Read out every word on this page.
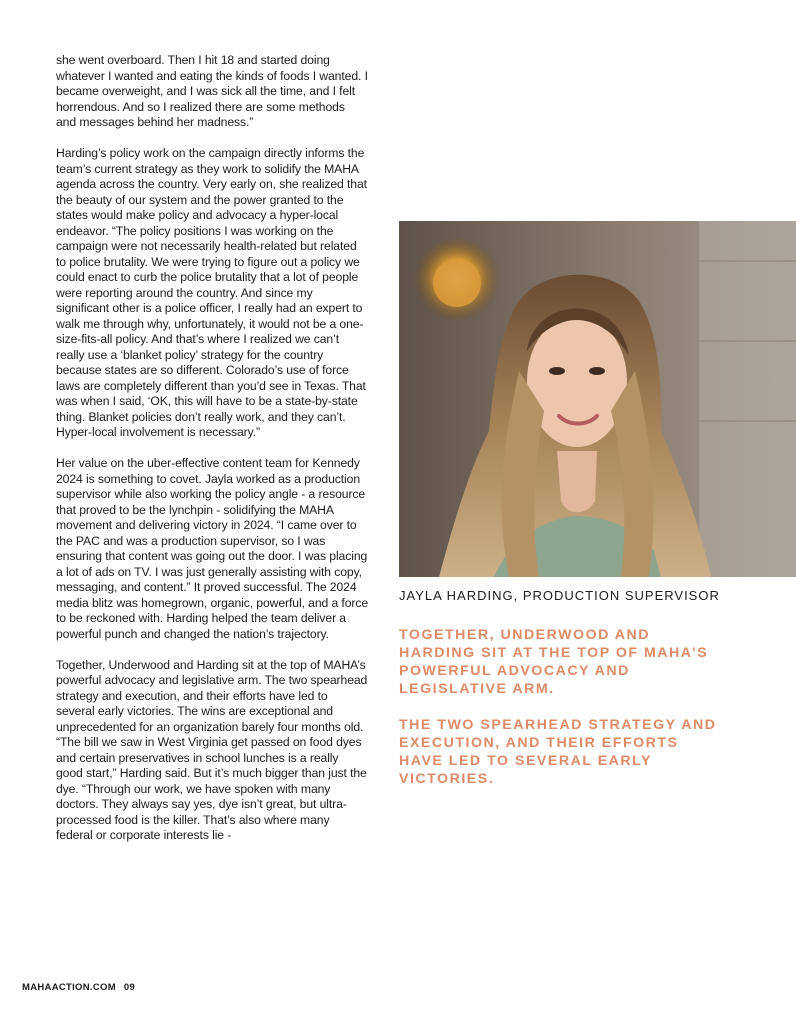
she went overboard. Then I hit 18 and started doing whatever I wanted and eating the kinds of foods I wanted. I became overweight, and I was sick all the time, and I felt horrendous. And so I realized there are some methods and messages behind her madness.”

Harding’s policy work on the campaign directly informs the team’s current strategy as they work to solidify the MAHA agenda across the country. Very early on, she realized that the beauty of our system and the power granted to the states would make policy and advocacy a hyper-local endeavor. “The policy positions I was working on the campaign were not necessarily health-related but related to police brutality. We were trying to figure out a policy we could enact to curb the police brutality that a lot of people were reporting around the country. And since my significant other is a police officer, I really had an expert to walk me through why, unfortunately, it would not be a one-size-fits-all policy. And that’s where I realized we can’t really use a ‘blanket policy’ strategy for the country because states are so different. Colorado’s use of force laws are completely different than you’d see in Texas. That was when I said, ‘OK, this will have to be a state-by-state thing. Blanket policies don’t really work, and they can’t. Hyper-local involvement is necessary.”

Her value on the uber-effective content team for Kennedy 2024 is something to covet. Jayla worked as a production supervisor while also working the policy angle - a resource that proved to be the lynchpin - solidifying the MAHA movement and delivering victory in 2024. “I came over to the PAC and was a production supervisor, so I was ensuring that content was going out the door. I was placing a lot of ads on TV. I was just generally assisting with copy, messaging, and content.” It proved successful. The 2024 media blitz was homegrown, organic, powerful, and a force to be reckoned with. Harding helped the team deliver a powerful punch and changed the nation’s trajectory.

Together, Underwood and Harding sit at the top of MAHA’s powerful advocacy and legislative arm. The two spearhead strategy and execution, and their efforts have led to several early victories. The wins are exceptional and unprecedented for an organization barely four months old. “The bill we saw in West Virginia get passed on food dyes and certain preservatives in school lunches is a really good start,” Harding said. But it’s much bigger than just the dye. “Through our work, we have spoken with many doctors. They always say yes, dye isn’t great, but ultra-processed food is the killer. That’s also where many federal or corporate interests lie -

JAYLA HARDING, PRODUCTION SUPERVISOR

TOGETHER, UNDERWOOD AND HARDING SIT AT THE TOP OF MAHA’S POWERFUL ADVOCACY AND LEGISLATIVE ARM.

THE TWO SPEARHEAD STRATEGY AND EXECUTION, AND THEIR EFFORTS HAVE LED TO SEVERAL EARLY VICTORIES.

MAHAACTION.COM 09
